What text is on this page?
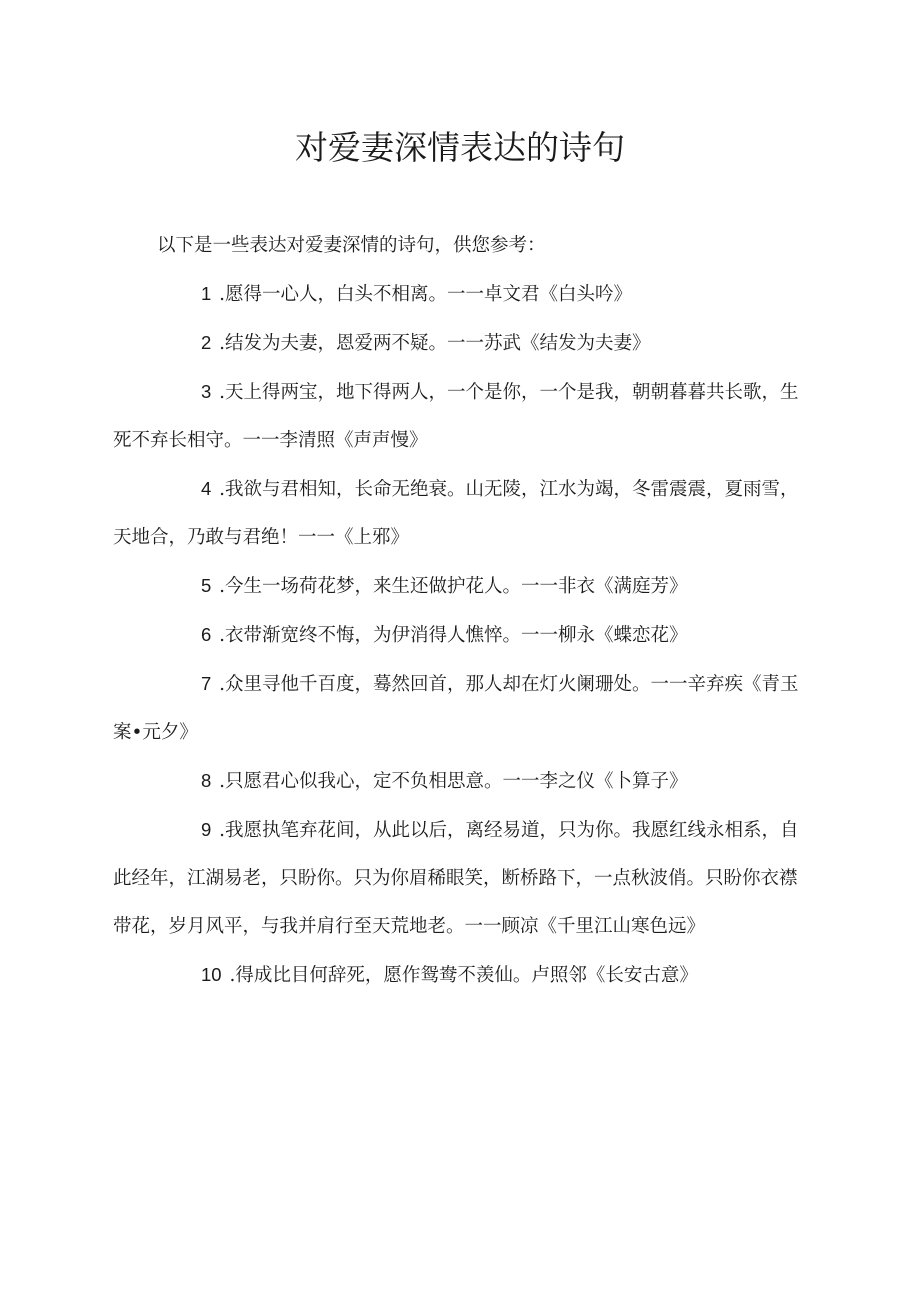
对爱妻深情表达的诗句

以下是一些表达对爱妻深情的诗句，供您参考：

1 .愿得一心人，白头不相离。一一卓文君《白头吟》

2 .结发为夫妻，恩爱两不疑。一一苏武《结发为夫妻》

3 .天上得两宝，地下得两人，一个是你，一个是我，朝朝暮暮共长歌，生死不弃长相守。一一李清照《声声慢》

4 .我欲与君相知，长命无绝衰。山无陵，江水为竭，冬雷震震，夏雨雪，天地合，乃敢与君绝！一一《上邪》

5 .今生一场荷花梦，来生还做护花人。一一非衣《满庭芳》

6 .衣带渐宽终不悔，为伊消得人憔悴。一一柳永《蝶恋花》

7 .众里寻他千百度，蓦然回首，那人却在灯火阑珊处。一一辛弃疾《青玉案•元夕》

8 .只愿君心似我心，定不负相思意。一一李之仪《卜算子》

9 .我愿执笔弃花间，从此以后，离经易道，只为你。我愿红线永相系，自此经年，江湖易老，只盼你。只为你眉稀眼笑，断桥路下，一点秋波俏。只盼你衣襟带花，岁月风平，与我并肩行至天荒地老。一一顾凉《千里江山寒色远》

10 .得成比目何辞死，愿作鸳鸯不羡仙。卢照邻《长安古意》
